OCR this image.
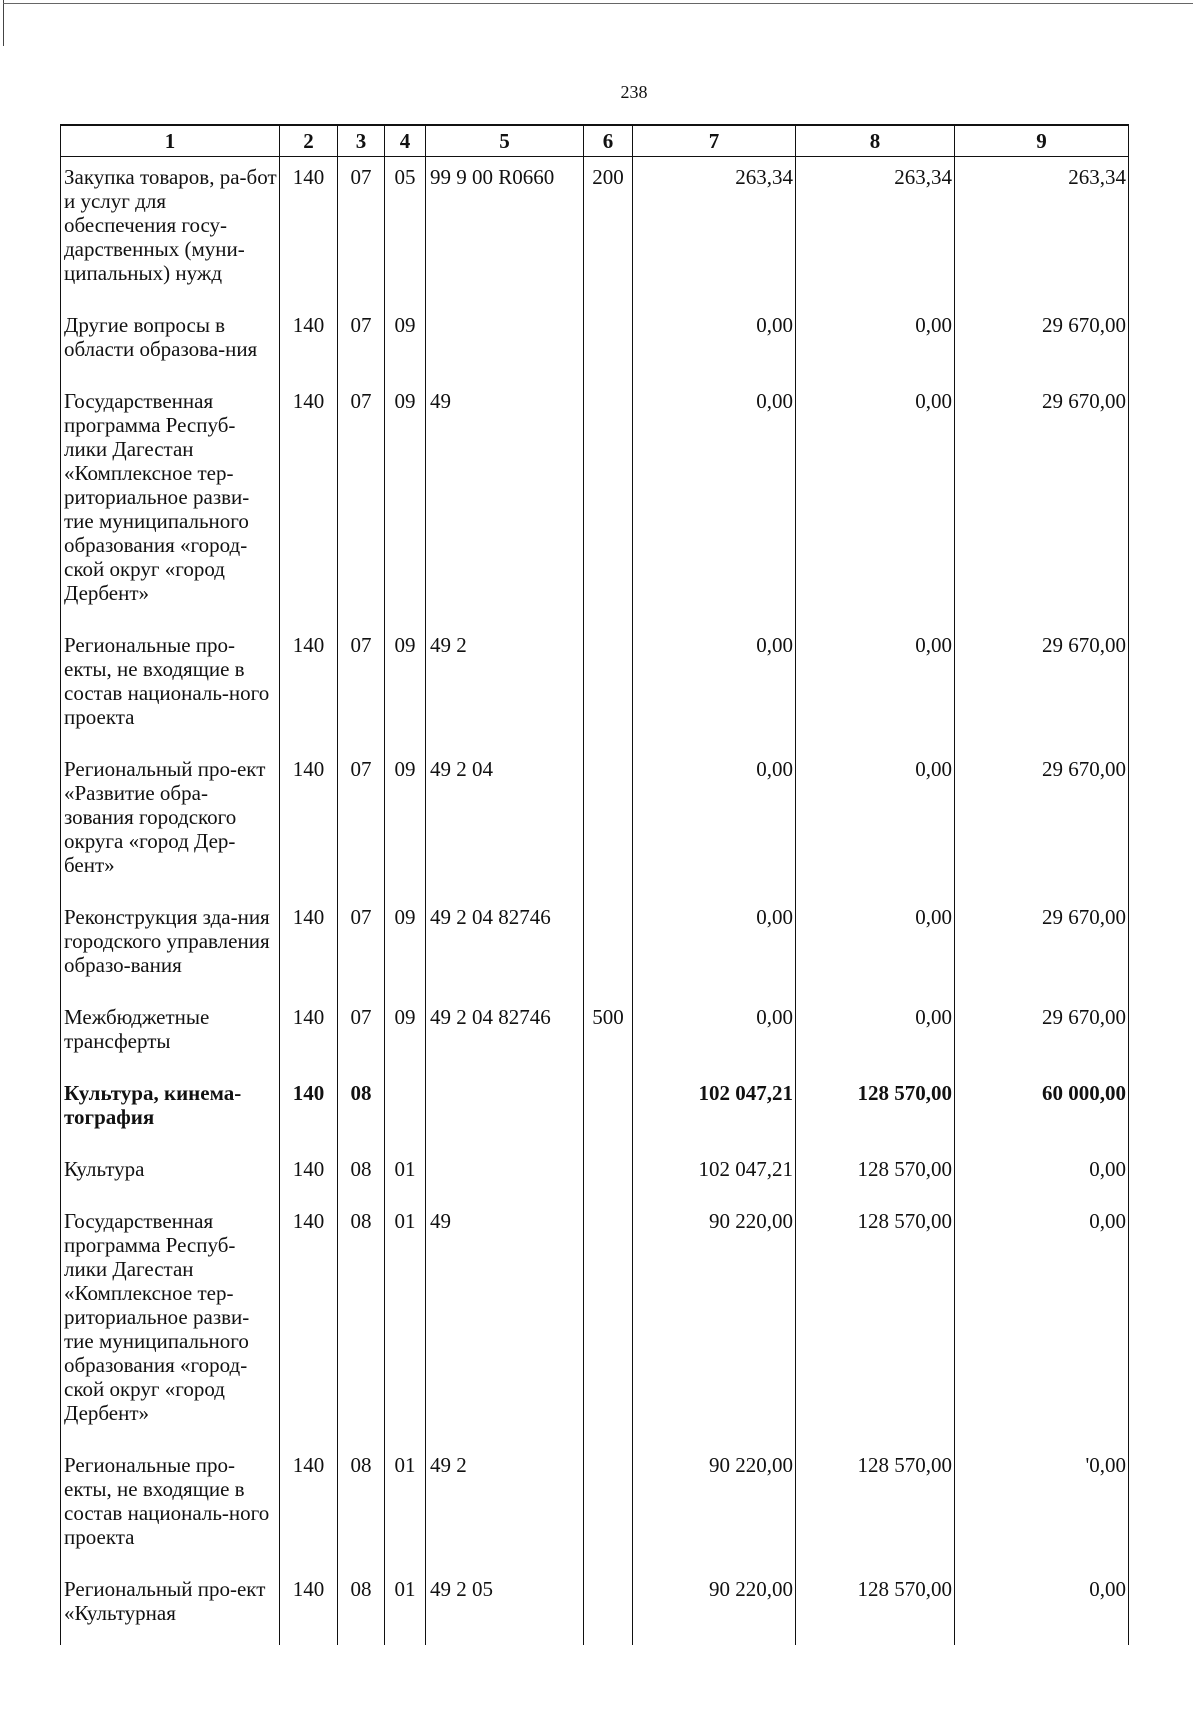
238
1	2	3	4	5	6	7	8	9
Закупка товаров, ра-бот и услуг для обеспечения госу-дарственных (муни-ципальных) нужд	140	07	05	99 9 00 R0660	200	263,34	263,34	263,34
Другие вопросы в области образова-ния	140	07	09			0,00	0,00	29 670,00
Государственная программа Респуб-лики Дагестан «Комплексное тер-риториальное разви-тие муниципального образования «город-ской округ «город Дербент»	140	07	09	49		0,00	0,00	29 670,00
Региональные про-екты, не входящие в состав националь-ного проекта	140	07	09	49 2		0,00	0,00	29 670,00
Региональный про-ект «Развитие обра-зования городского округа «город Дер-бент»	140	07	09	49 2 04		0,00	0,00	29 670,00
Реконструкция зда-ния городского управления образо-вания	140	07	09	49 2 04 82746		0,00	0,00	29 670,00
Межбюджетные трансферты	140	07	09	49 2 04 82746	500	0,00	0,00	29 670,00
Культура, кинема-тография	140	08				102 047,21	128 570,00	60 000,00
Культура	140	08	01			102 047,21	128 570,00	0,00
Государственная программа Респуб-лики Дагестан «Комплексное тер-риториальное разви-тие муниципального образования «город-ской округ «город Дербент»	140	08	01	49		90 220,00	128 570,00	0,00
Региональные про-екты, не входящие в состав националь-ного проекта	140	08	01	49 2		90 220,00	128 570,00	'0,00
Региональный про-ект «Культурная	140	08	01	49 2 05		90 220,00	128 570,00	0,00
